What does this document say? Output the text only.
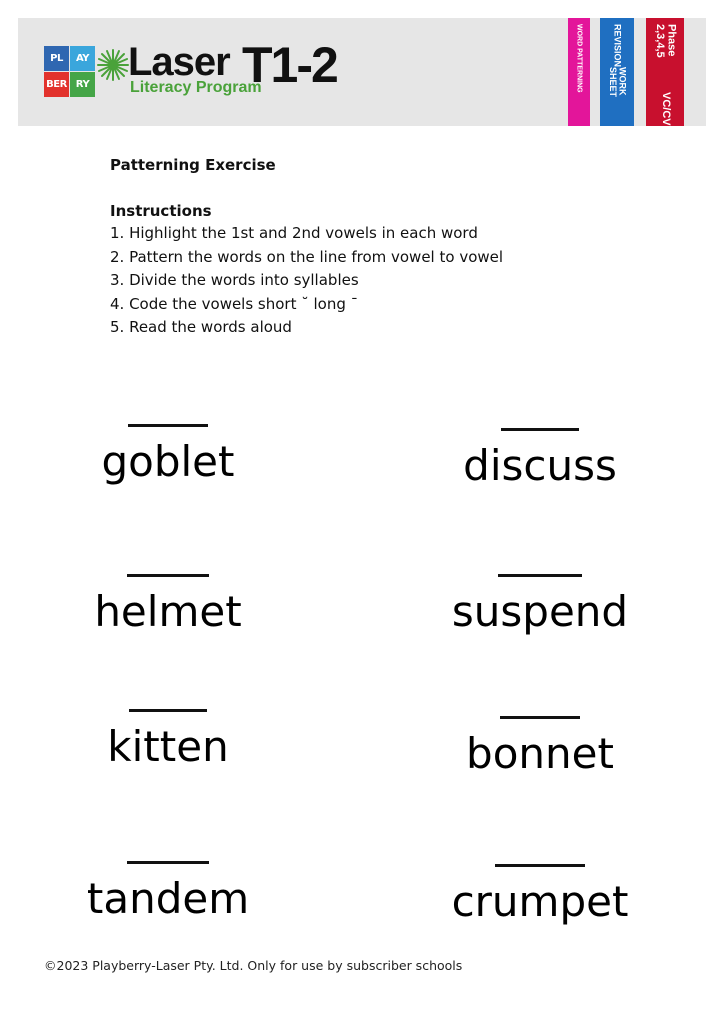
PL	AY
BER RY
Laser T1-2
Literacy Program	WORD PATTERNING	REVISION
WORK SHEET
Phase 2,3,4,5
VC/CV
Patterning Exercise
Instructions
1. Highlight the 1st and 2nd vowels in each word
2. Pattern the words on the line from vowel to vowel
3. Divide the words into syllables
4. Code the vowels short ˘ long ¯
5. Read the words aloud
goblet	discuss
helmet	suspend
kitten	bonnet
tandem	crumpet
©2023 Playberry-Laser Pty. Ltd. Only for use by subscriber schools
